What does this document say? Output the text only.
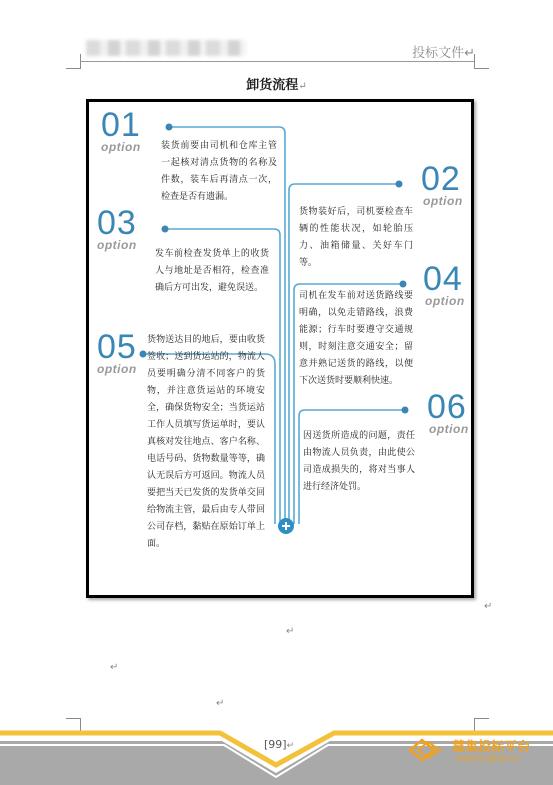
投标文件↵
卸货流程↵
01
option 装货前要由司机和仓库主管一起核对清点货物的名称及件数，装车后再清点一次，检查是否有遗漏。	02
option
货物装好后，司机要检查车辆的性能状况，如轮胎压力、油箱储量、关好车门等。
03
option
发车前检查发货单上的收货人与地址是否相符，检查准确后方可出发，避免误送。	04
option
司机在发车前对送货路线要明确，以免走错路线，浪费能源；行车时要遵守交通规则，时刻注意交通安全；留意并熟记送货的路线，以便下次送货时要顺利快速。
05
option
货物送达目的地后，要由收货签收；送到货运站的，物流人员要明确分清不同客户的货物，并注意货运站的环境安全，确保货物安全；当货运站工作人员填写货运单时，要认真核对发往地点、客户名称、电话号码、货物数量等等，确认无误后方可返回。物流人员要把当天已发货的发货单交回给物流主管，最后由专人带回公司存档，黏贴在原始订单上面。
06
option
因送货所造成的问题，责任由物流人员负责，由此使公司造成损失的，将对当事人进行经济处罚。
↵
↵
↵
↵
[99]↵	慧集投标平台
www.huijibid.cn
